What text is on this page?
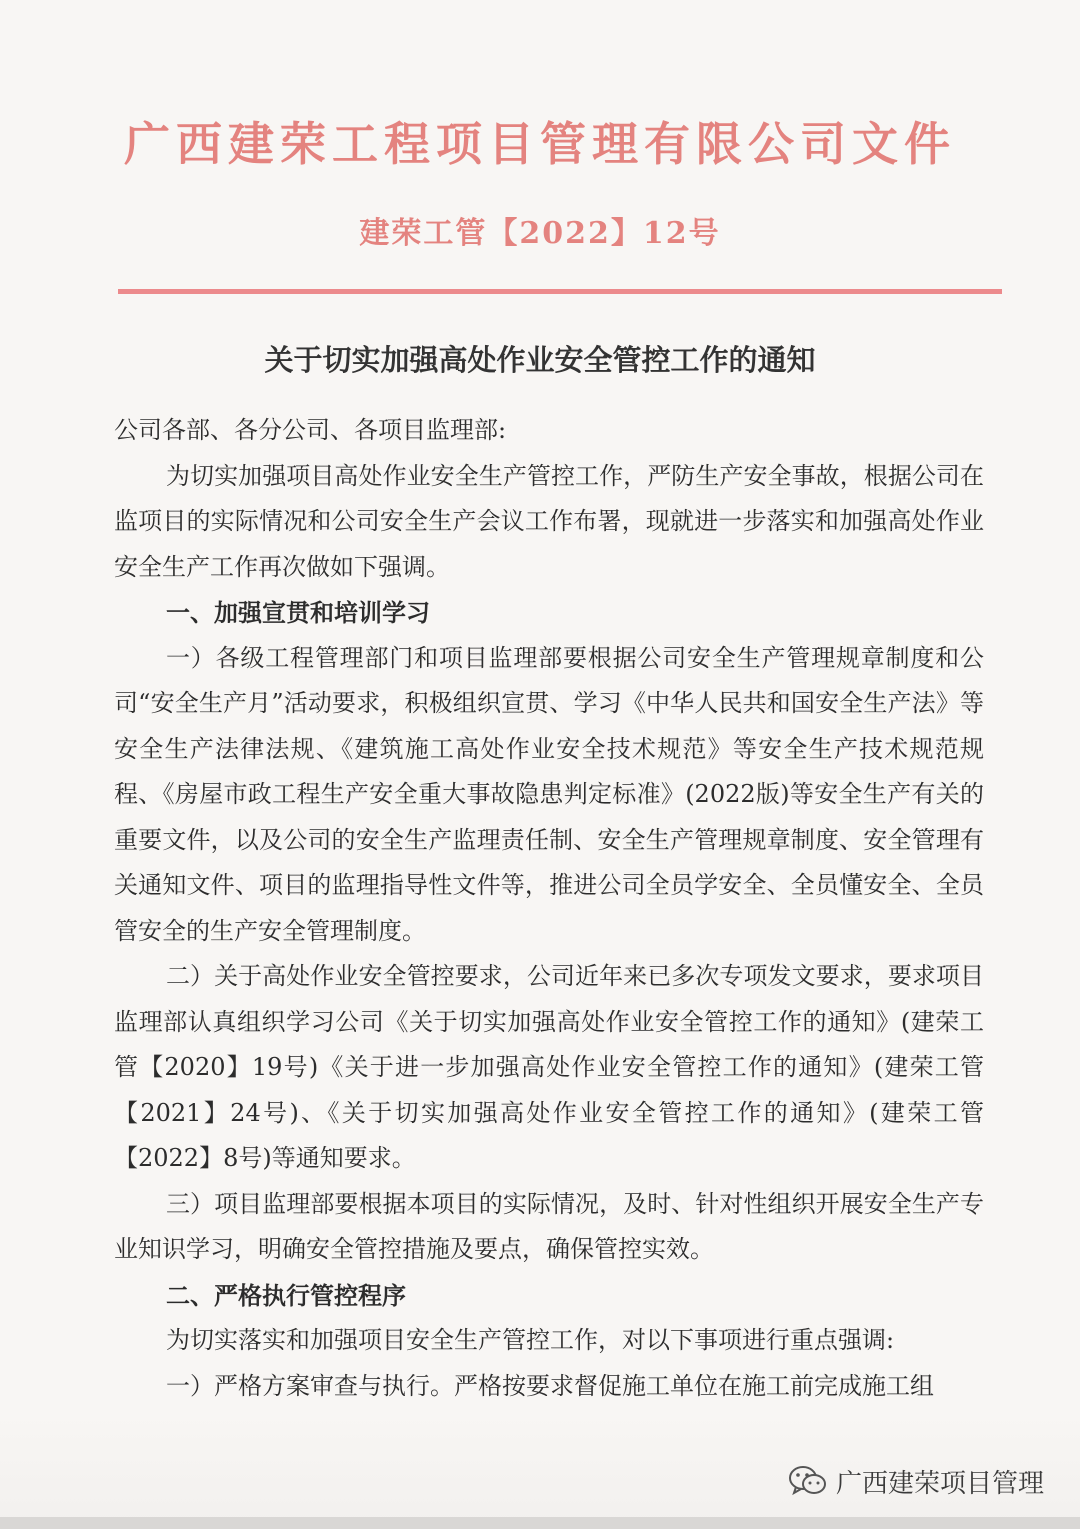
广西建荣工程项目管理有限公司文件
建荣工管【2022】12号
关于切实加强高处作业安全管控工作的通知

公司各部、各分公司、各项目监理部:

为切实加强项目高处作业安全生产管控工作，严防生产安全事故，根据公司在监项目的实际情况和公司安全生产会议工作布署，现就进一步落实和加强高处作业安全生产工作再次做如下强调。

一、加强宣贯和培训学习

一）各级工程管理部门和项目监理部要根据公司安全生产管理规章制度和公司“安全生产月”活动要求，积极组织宣贯、学习《中华人民共和国安全生产法》等安全生产法律法规、《建筑施工高处作业安全技术规范》等安全生产技术规范规程、《房屋市政工程生产安全重大事故隐患判定标准》(2022版)等安全生产有关的重要文件，以及公司的安全生产监理责任制、安全生产管理规章制度、安全管理有关通知文件、项目的监理指导性文件等，推进公司全员学安全、全员懂安全、全员管安全的生产安全管理制度。

二）关于高处作业安全管控要求，公司近年来已多次专项发文要求，要求项目监理部认真组织学习公司《关于切实加强高处作业安全管控工作的通知》(建荣工管【2020】19号)《关于进一步加强高处作业安全管控工作的通知》(建荣工管【2021】24号)、《关于切实加强高处作业安全管控工作的通知》(建荣工管【2022】8号)等通知要求。

三）项目监理部要根据本项目的实际情况，及时、针对性组织开展安全生产专业知识学习，明确安全管控措施及要点，确保管控实效。

二、严格执行管控程序

为切实落实和加强项目安全生产管控工作，对以下事项进行重点强调:

一）严格方案审查与执行。严格按要求督促施工单位在施工前完成施工组

广西建荣项目管理
